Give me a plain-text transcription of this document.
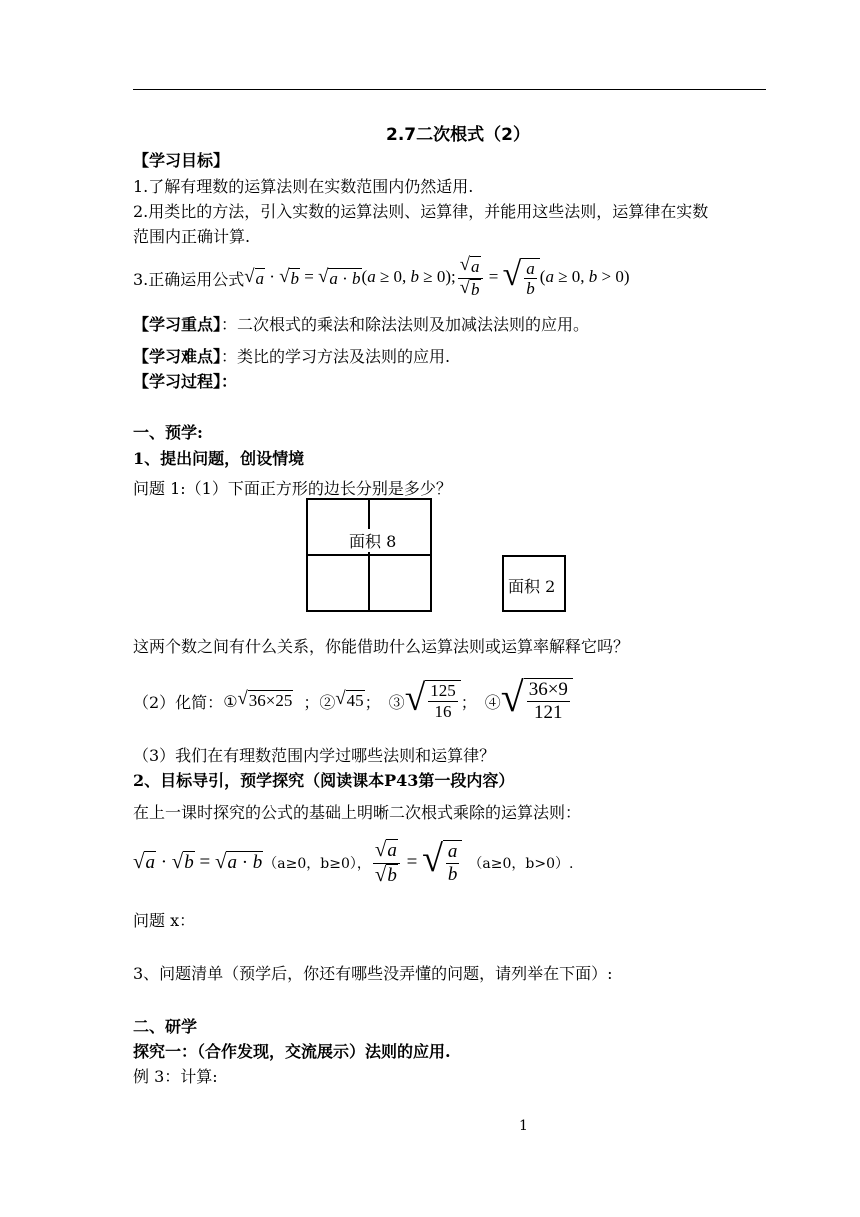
2.7二次根式（2）
【学习目标】
1.了解有理数的运算法则在实数范围内仍然适用.
2.用类比的方法，引入实数的运算法则、运算律，并能用这些法则，运算律在实数
范围内正确计算.
3.正确运用公式 √ a · √ b = √ a · b (a ≥ 0, b ≥ 0); $\frac{√ a}{√ b}$ = √ $\frac{a}{b} (a \ge 0$, b > 0)
【学习重点】：二次根式的乘法和除法法则及加减法法则的应用。
【学习难点】：类比的学习方法及法则的应用.
【学习过程】：
一、预学:
1、提出问题，创设情境
问题 1:（1）下面正方形的边长分别是多少？
面积 8
面积 2
这两个数之间有什么关系，你能借助什么运算法则或运算率解释它吗？
（2）化简： ① √ 36×25 ；② √ 45 ；　③ √ $\frac{125}{16}$ ；　④ √ $\frac{36\times 9}{121}$
（3）我们在有理数范围内学过哪些法则和运算律？
2、目标导引，预学探究（阅读课本P43第一段内容）
在上一课时探究的公式的基础上明晰二次根式乘除的运算法则：
√ a · √ b = √ a · b （a≥0，b≥0）， $\frac{√ a}{√ b}$ = √ $\frac{a}{b} (a\ge 0$，b>0）.
问题 x：
3、问题清单（预学后，你还有哪些没弄懂的问题，请列举在下面）:
二、研学
探究一：（合作发现，交流展示）法则的应用.
例 3：计算:
1
